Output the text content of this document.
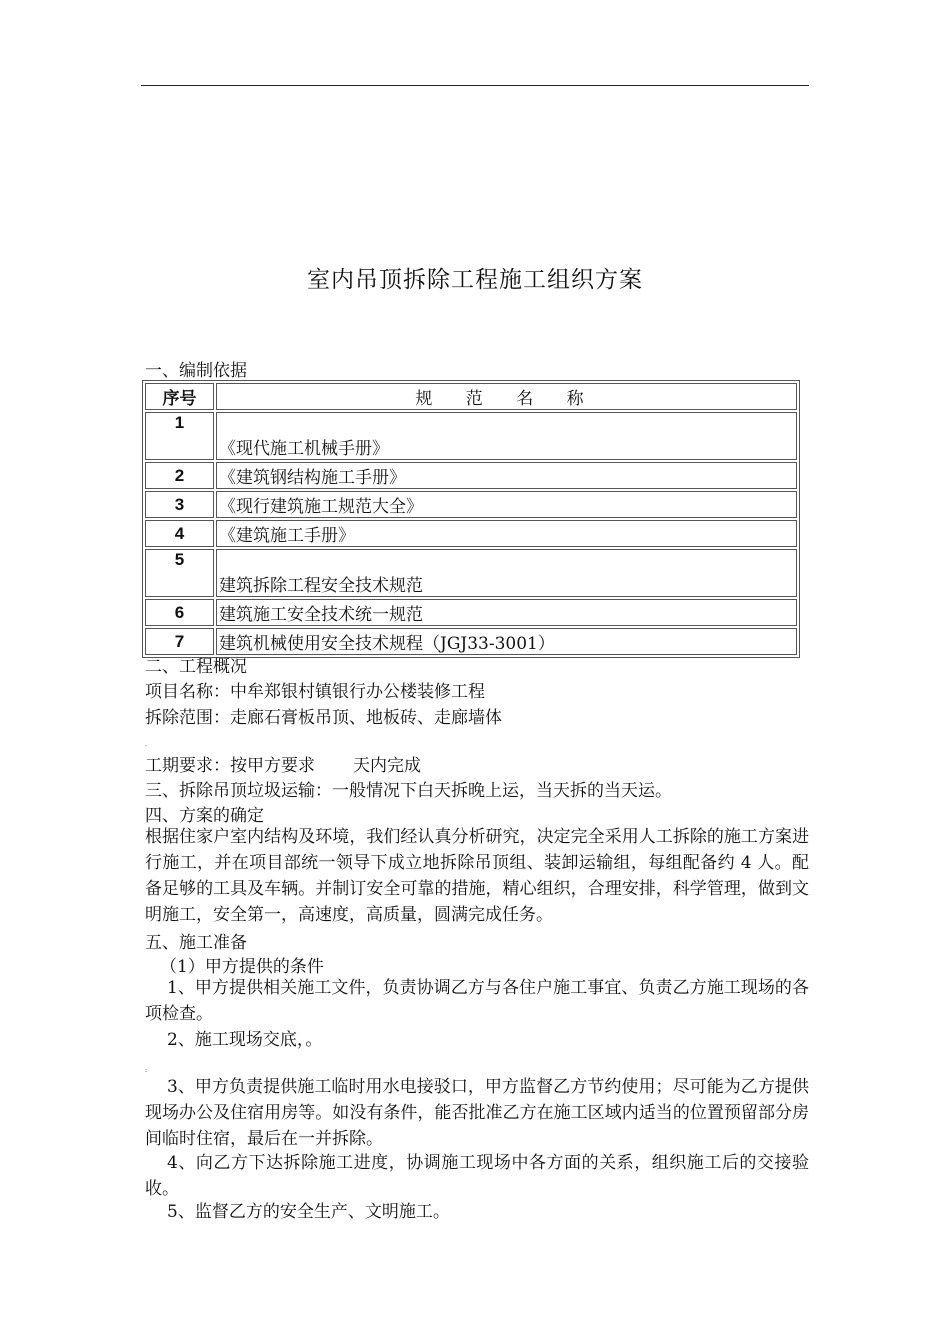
室内吊顶拆除工程施工组织方案
一、编制依据
序号	规 范 名 称
1	《现代施工机械手册》
2	《建筑钢结构施工手册》
3	《现行建筑施工规范大全》
4	《建筑施工手册》
5	建筑拆除工程安全技术规范
6	建筑施工安全技术统一规范
7	建筑机械使用安全技术规程（JGJ33-3001）
二、工程概况
项目名称：中牟郑银村镇银行办公楼装修工程
拆除范围：走廊石膏板吊顶、地板砖、走廊墙体
.
工期要求：按甲方要求 天内完成
三、拆除吊顶垃圾运输：一般情况下白天拆晚上运，当天拆的当天运。
四、方案的确定
根据住家户室内结构及环境，我们经认真分析研究，决定完全采用人工拆除的施工方案进行施工，并在项目部统一领导下成立地拆除吊顶组、装卸运输组，每组配备约 4 人。配备足够的工具及车辆。并制订安全可靠的措施，精心组织，合理安排，科学管理，做到文明施工，安全第一，高速度，高质量，圆满完成任务。
五、施工准备
（1）甲方提供的条件
1、甲方提供相关施工文件，负责协调乙方与各住户施工事宜、负责乙方施工现场的各项检查。
2、施工现场交底，。
:
3、甲方负责提供施工临时用水电接驳口，甲方监督乙方节约使用；尽可能为乙方提供现场办公及住宿用房等。如没有条件，能否批准乙方在施工区域内适当的位置预留部分房间临时住宿，最后在一并拆除。
4、向乙方下达拆除施工进度，协调施工现场中各方面的关系，组织施工后的交接验收。
5、监督乙方的安全生产、文明施工。
